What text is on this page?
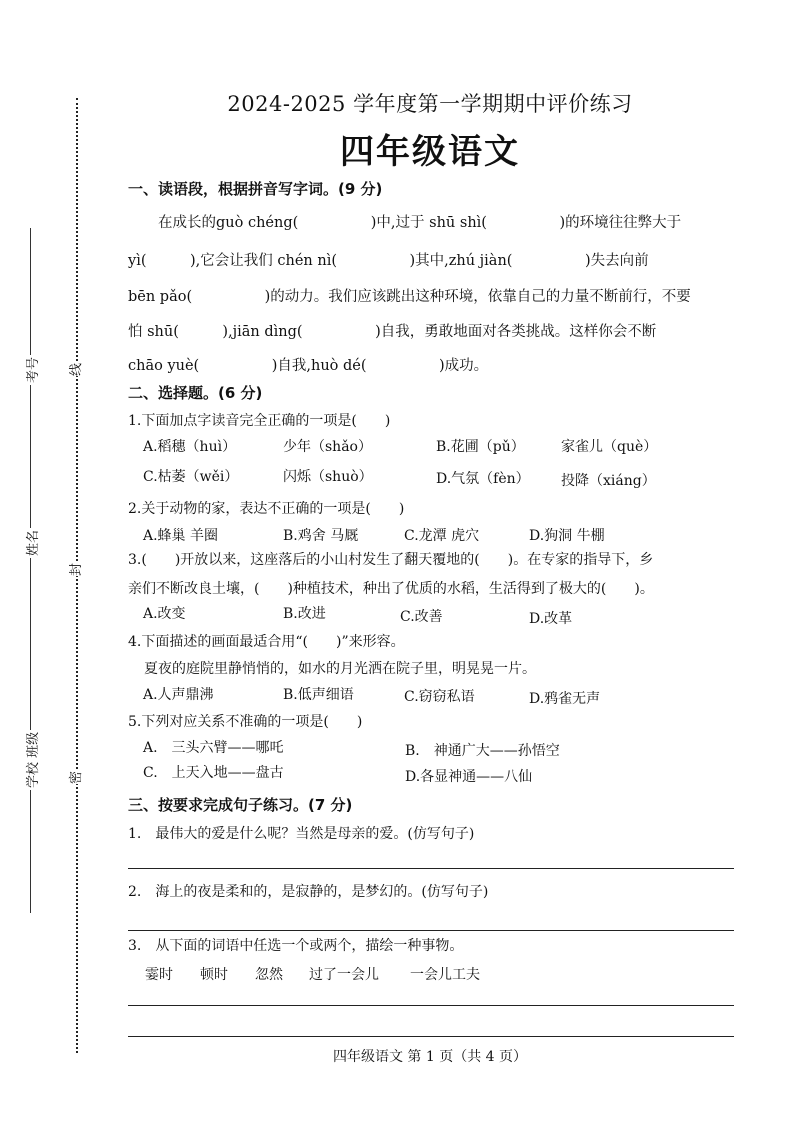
考号
姓名
学校 班级
线
封
密
2024-2025 学年度第一学期期中评价练习
四年级语文
一、读语段，根据拼音写字词。(9 分)
在成长的guò chéng(　　　　　)中,过于 shū shì(　　　　　)的环境往往弊大于
yì(　　　),它会让我们 chén nì(　　　　　)其中,zhú jiàn(　　　　　)失去向前
bēn pǎo(　　　　　)的动力。我们应该跳出这种环境，依靠自己的力量不断前行，不要
怕 shū(　　　),jiān dìng(　　　　　)自我，勇敢地面对各类挑战。这样你会不断
chāo yuè(　　　　　)自我,huò dé(　　　　　)成功。
二、选择题。(6 分)
1.下面加点字读音完全正确的一项是(　　)
A.稻穗（huì）	少年（shǎo）	B.花圃（pǔ）	家雀儿（què）
C.枯萎（wěi）	闪烁（shuò）	D.气氛（fèn） 投降（xiáng）
2.关于动物的家，表达不正确的一项是(　　)
A.蜂巢 羊圈	B.鸡舍 马厩	C.龙潭 虎穴	D.狗洞 牛棚
3.(　　)开放以来，这座落后的小山村发生了翻天覆地的(　　)。在专家的指导下，乡
亲们不断改良土壤，(　　)种植技术，种出了优质的水稻，生活得到了极大的(　　)。
A.改变	B.改进	C.改善	D.改革
4.下面描述的画面最适合用“(　　)”来形容。
夏夜的庭院里静悄悄的，如水的月光洒在院子里，明晃晃一片。
A.人声鼎沸	B.低声细语	C.窃窃私语	D.鸦雀无声
5.下列对应关系不准确的一项是(　　)
A.　三头六臂——哪吒	B.　神通广大——孙悟空
C.　上天入地——盘古	D.各显神通——八仙
三、按要求完成句子练习。(7 分)
1.　最伟大的爱是什么呢？当然是母亲的爱。(仿写句子)
2.　海上的夜是柔和的，是寂静的，是梦幻的。(仿写句子)
3.　从下面的词语中任选一个或两个，描绘一种事物。
霎时 顿时 忽然 过了一会儿 一会儿工夫
四年级语文 第 1 页（共 4 页）
